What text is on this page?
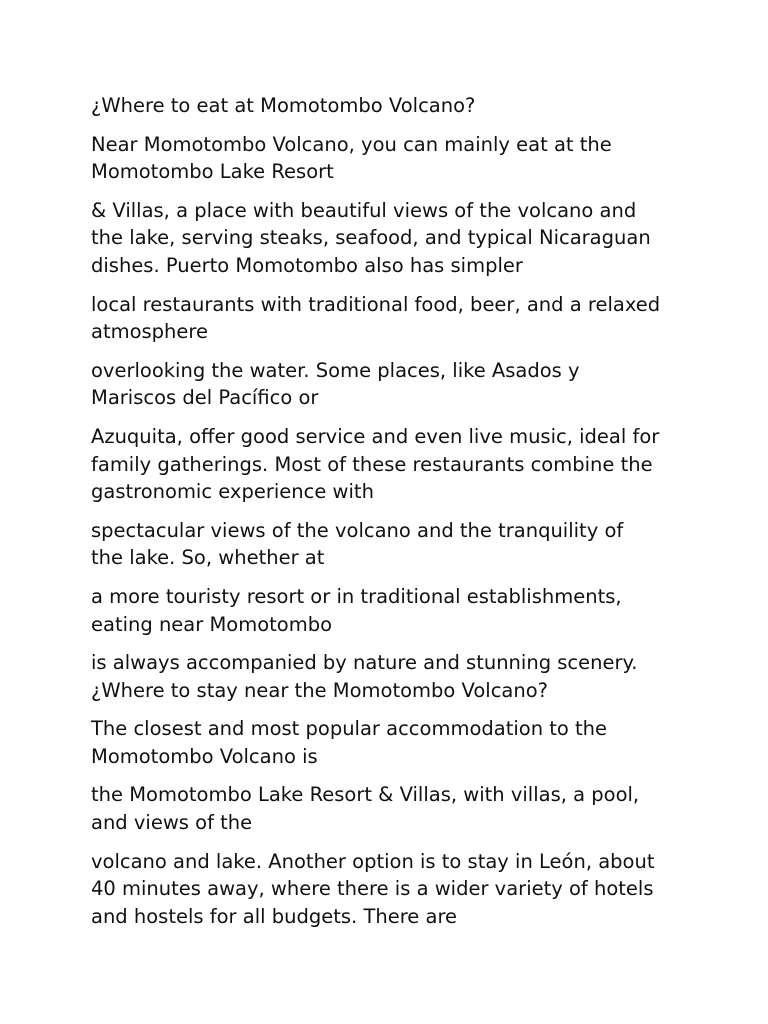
¿Where to eat at Momotombo Volcano?

Near Momotombo Volcano, you can mainly eat at the
Momotombo Lake Resort

& Villas, a place with beautiful views of the volcano and
the lake, serving steaks, seafood, and typical Nicaraguan
dishes. Puerto Momotombo also has simpler

local restaurants with traditional food, beer, and a relaxed
atmosphere

overlooking the water. Some places, like Asados y
Mariscos del Pacífico or

Azuquita, offer good service and even live music, ideal for
family gatherings. Most of these restaurants combine the
gastronomic experience with

spectacular views of the volcano and the tranquility of
the lake. So, whether at

a more touristy resort or in traditional establishments,
eating near Momotombo

is always accompanied by nature and stunning scenery.
¿Where to stay near the Momotombo Volcano?

The closest and most popular accommodation to the
Momotombo Volcano is

the Momotombo Lake Resort & Villas, with villas, a pool,
and views of the

volcano and lake. Another option is to stay in León, about
40 minutes away, where there is a wider variety of hotels
and hostels for all budgets. There are
